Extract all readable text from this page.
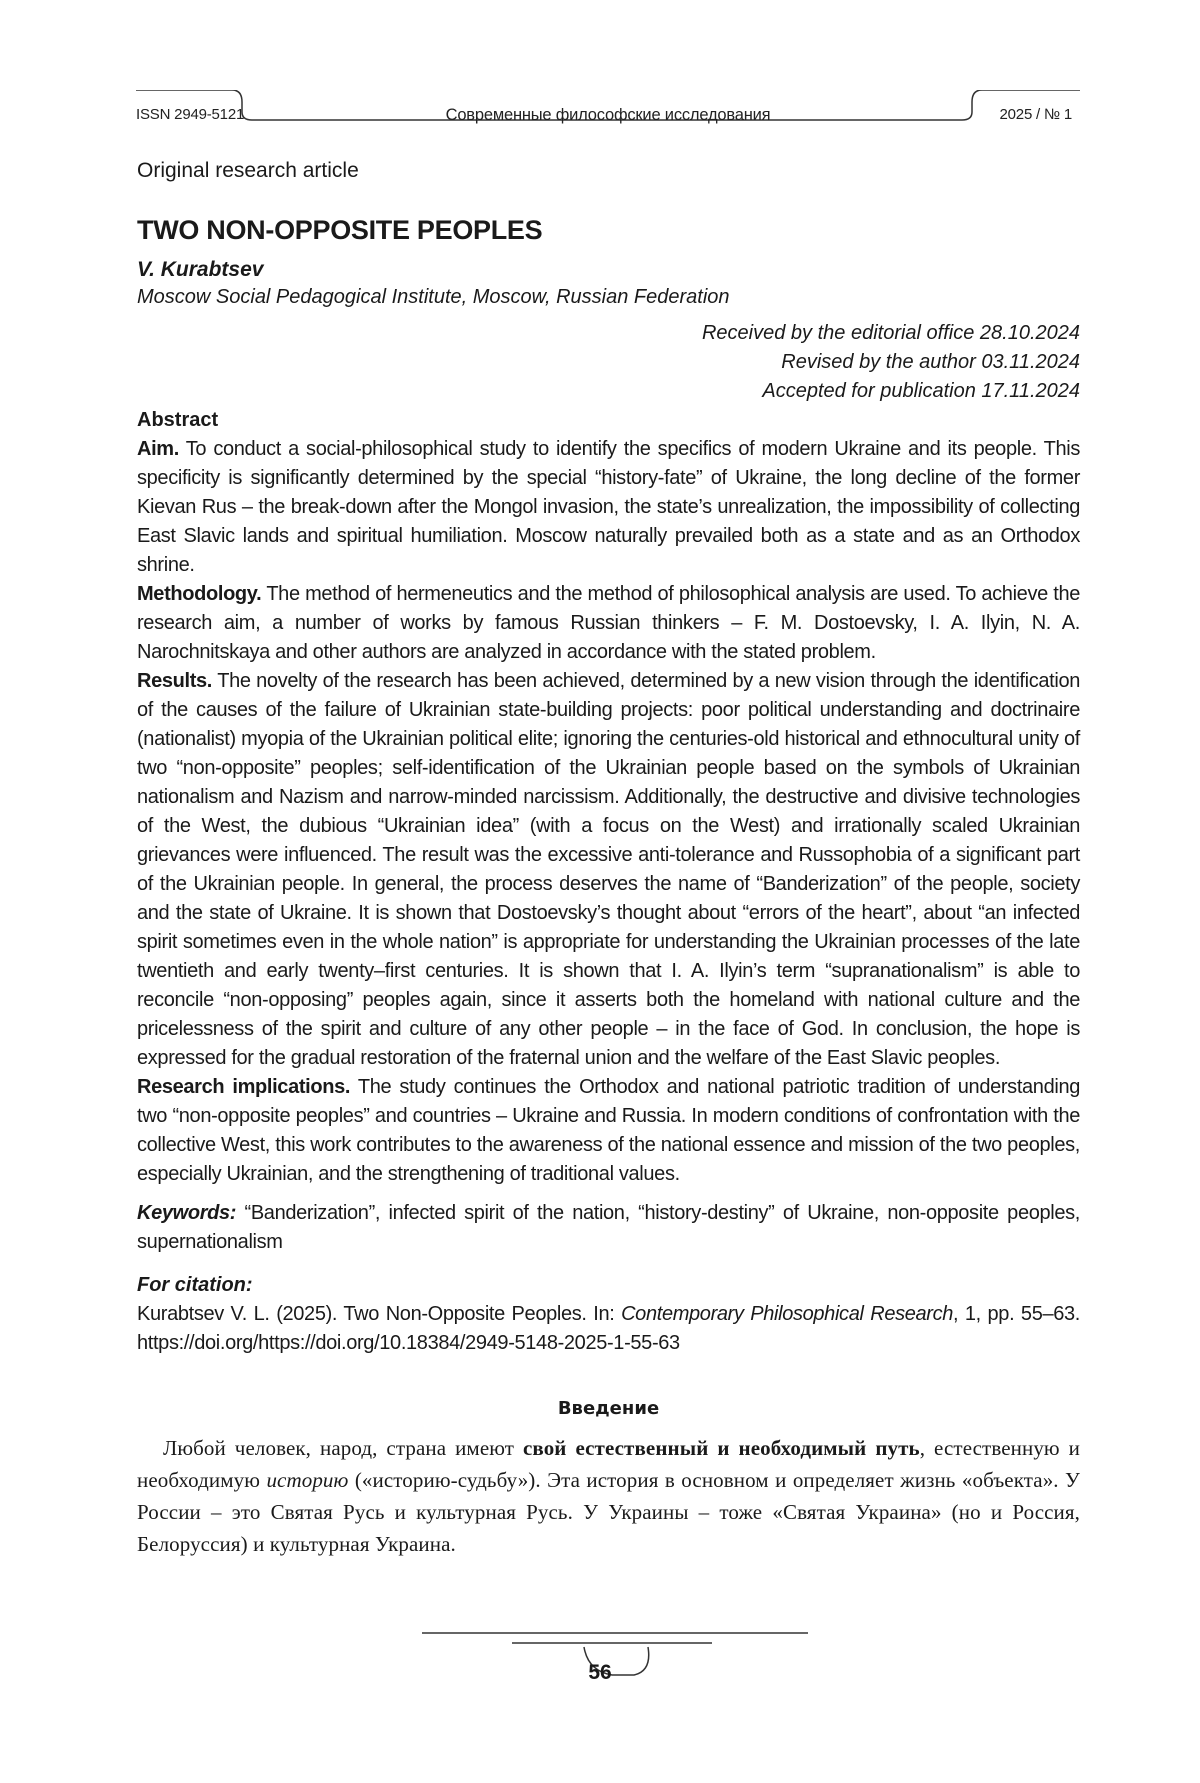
ISSN 2949-5121	Современные философские исследования	2025 / № 1

Original research article

TWO NON-OPPOSITE PEOPLES

V. Kurabtsev

Moscow Social Pedagogical Institute, Moscow, Russian Federation

Received by the editorial office 28.10.2024
Revised by the author 03.11.2024
Accepted for publication 17.11.2024

Abstract

Aim. To conduct a social-philosophical study to identify the specifics of modern Ukraine and its people. This specificity is significantly determined by the special “history-fate” of Ukraine, the long decline of the former Kievan Rus – the break-down after the Mongol invasion, the state’s unrealization, the impossibility of collecting East Slavic lands and spiritual humiliation. Moscow naturally prevailed both as a state and as an Orthodox shrine.

Methodology. The method of hermeneutics and the method of philosophical analysis are used. To achieve the research aim, a number of works by famous Russian thinkers – F. M. Dostoevsky, I. A. Ilyin, N. A. Narochnitskaya and other authors are analyzed in accordance with the stated problem.

Results. The novelty of the research has been achieved, determined by a new vision through the identification of the causes of the failure of Ukrainian state-building projects: poor political understanding and doctrinaire (nationalist) myopia of the Ukrainian political elite; ignoring the centuries-old historical and ethnocultural unity of two “non-opposite” peoples; self-identification of the Ukrainian people based on the symbols of Ukrainian nationalism and Nazism and narrow-minded narcissism. Additionally, the destructive and divisive technologies of the West, the dubious “Ukrainian idea” (with a focus on the West) and irrationally scaled Ukrainian grievances were influenced. The result was the excessive anti-tolerance and Russophobia of a significant part of the Ukrainian people. In general, the process deserves the name of “Banderization” of the people, society and the state of Ukraine. It is shown that Dostoevsky’s thought about “errors of the heart”, about “an infected spirit sometimes even in the whole nation” is appropriate for understanding the Ukrainian processes of the late twentieth and early twenty–first centuries. It is shown that I. A. Ilyin’s term “supranationalism” is able to reconcile “non-opposing” peoples again, since it asserts both the homeland with national culture and the pricelessness of the spirit and culture of any other people – in the face of God. In conclusion, the hope is expressed for the gradual restoration of the fraternal union and the welfare of the East Slavic peoples.

Research implications. The study continues the Orthodox and national patriotic tradition of understanding two “non-opposite peoples” and countries – Ukraine and Russia. In modern conditions of confrontation with the collective West, this work contributes to the awareness of the national essence and mission of the two peoples, especially Ukrainian, and the strengthening of traditional values.

Keywords: “Banderization”, infected spirit of the nation, “history-destiny” of Ukraine, non-opposite peoples, supernationalism

For citation:

Kurabtsev V. L. (2025). Two Non-Opposite Peoples. In: Contemporary Philosophical Research, 1, pp. 55–63. https://doi.org/https://doi.org/10.18384/2949-5148-2025-1-55-63

Введение

Любой человек, народ, страна имеют свой естественный и необходимый путь, естественную и необходимую историю («историю-судьбу»). Эта история в основном и определяет жизнь «объекта». У России – это Святая Русь и культурная Русь. У Украины – тоже «Святая Украина» (но и Россия, Белоруссия) и культурная Украина.

56
